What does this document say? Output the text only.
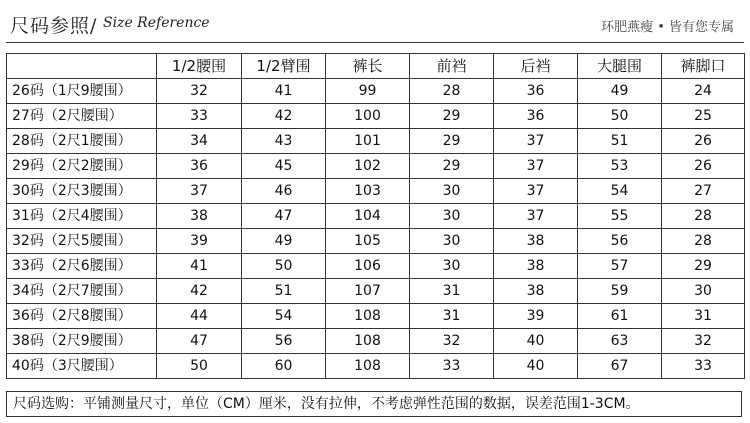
尺码参照/ Size Reference	环肥燕瘦 • 皆有您专属
	1/2腰围	1/2臂围	裤长	前裆	后裆	大腿围	裤脚口
26码（1尺9腰围）	32	41	99	28	36	49	24
27码（2尺腰围）	33	42	100	29	36	50	25
28码（2尺1腰围）	34	43	101	29	37	51	26
29码（2尺2腰围）	36	45	102	29	37	53	26
30码（2尺3腰围）	37	46	103	30	37	54	27
31码（2尺4腰围）	38	47	104	30	37	55	28
32码（2尺5腰围）	39	49	105	30	38	56	28
33码（2尺6腰围）	41	50	106	30	38	57	29
34码（2尺7腰围）	42	51	107	31	38	59	30
36码（2尺8腰围）	44	54	108	31	39	61	31
38码（2尺9腰围）	47	56	108	32	40	63	32
40码（3尺腰围）	50	60	108	33	40	67	33
尺码选购：平铺测量尺寸，单位（CM）厘米，没有拉伸，不考虑弹性范围的数据，误差范围1-3CM。
